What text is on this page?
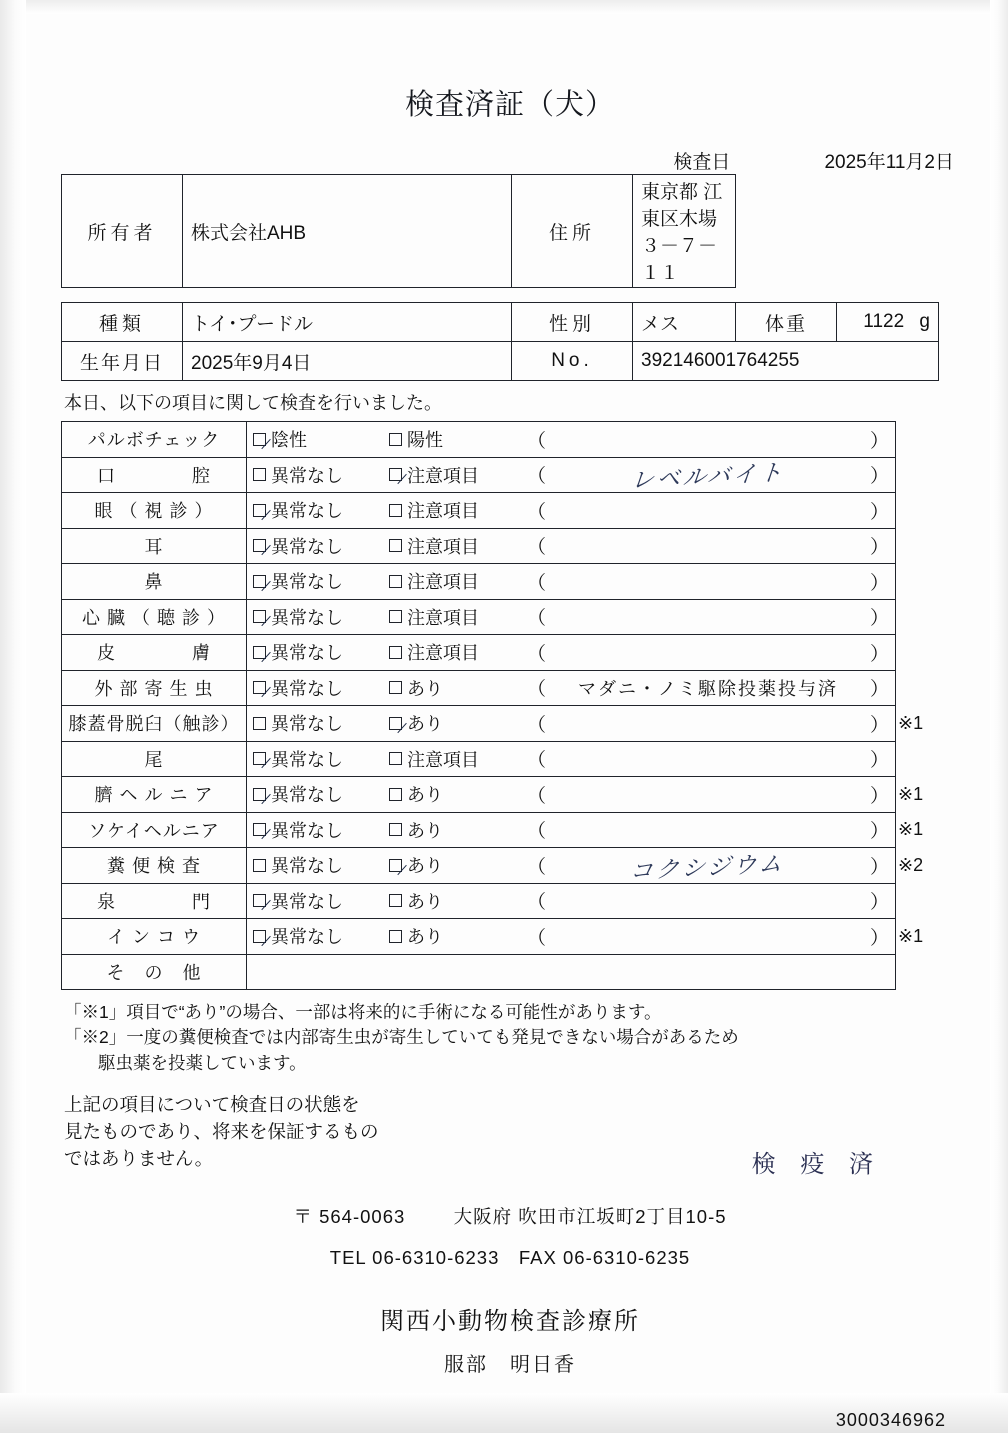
検査済証（犬）
検査日	2025年11月2日
所有者	株式会社AHB	住所	東京都 江東区木場３－７－１１		

種類	トイ･プードル	性別	メス	体重	1122 g
生年月日	2025年9月4日	No.	392146001764255		
本日、以下の項目に関して検査を行いました。
パルボチェック	陰性	陽性	（ ）	

口　　　　腔	異常なし	注意項目	（ レベルバイト ）	

眼 （ 視 診 ）	異常なし	注意項目	（ ）	

耳	異常なし	注意項目	（ ）	

鼻	異常なし	注意項目	（ ）	

心 臓 （ 聴 診 ）	異常なし	注意項目	（ ）	

皮　　　　膚	異常なし	注意項目	（ ）	

外 部 寄 生 虫	異常なし	あり	（ マダニ・ノミ駆除投薬投与済 ）	

膝蓋骨脱臼（触診）	異常なし	あり	（ ）	※1
尾	異常なし	注意項目	（ ）	

臍 ヘ ル ニ ア	異常なし	あり	（ ）	※1
ソケイヘルニア	異常なし	あり	（ ）	※1
糞 便 検 査	異常なし	あり	（ コクシジウム ）	※2
泉　　　　門	異常なし	あり	（ ）	

イ ン コ ウ	異常なし	あり	（ ）	※1
そ　の　他				
「※1」項目で“あり”の場合、一部は将来的に手術になる可能性があります。
「※2」一度の糞便検査では内部寄生虫が寄生していても発見できない場合があるため
駆虫薬を投薬しています。
上記の項目について検査日の状態を
見たものであり、将来を保証するもの
ではありません。	検 疫 済
〒 564-0063	大阪府 吹田市江坂町2丁目10-5
TEL 06-6310-6233　FAX 06-6310-6235
関西小動物検査診療所
服部　明日香
3000346962
